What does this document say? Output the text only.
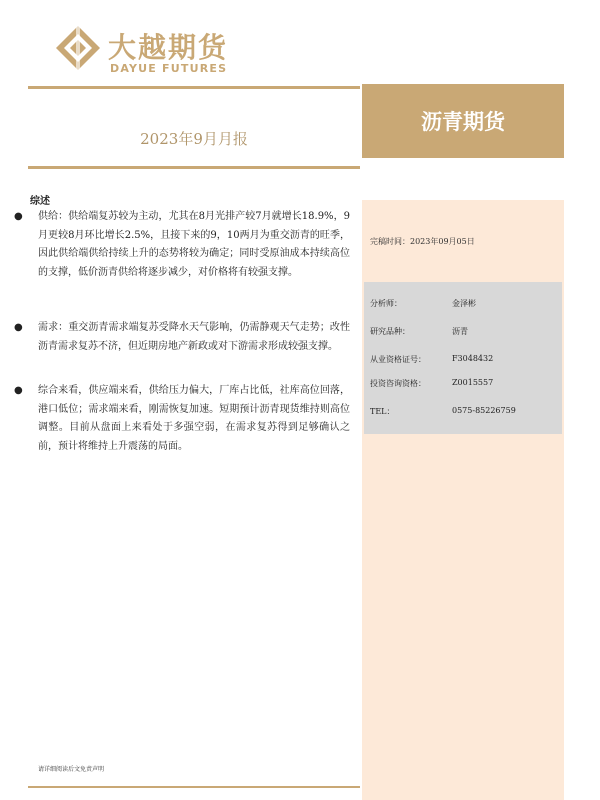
大越期货
DAYUE FUTURES
2023年9月月报
沥青期货
完稿时间：2023年09月05日
分析师：	金泽彬
研究品种：	沥青
从业资格证号：	F3048432
投资咨询资格：	Z0015557
TEL：	0575-85226759
综述
● 供给：供给端复苏较为主动，尤其在8月光排产较7月就增长18.9%，9月更较8月环比增长2.5%，且接下来的9，10两月为重交沥青的旺季，因此供给端供给持续上升的态势将较为确定；同时受原油成本持续高位的支撑，低价沥青供给将逐步减少，对价格将有较强支撑。

● 需求：重交沥青需求端复苏受降水天气影响，仍需静观天气走势；改性沥青需求复苏不济，但近期房地产新政或对下游需求形成较强支撑。

● 综合来看，供应端来看，供给压力偏大，厂库占比低，社库高位回落，港口低位；需求端来看，刚需恢复加速。短期预计沥青现货维持则高位调整。目前从盘面上来看处于多强空弱，在需求复苏得到足够确认之前，预计将维持上升震荡的局面。

请详细阅读后文免责声明
